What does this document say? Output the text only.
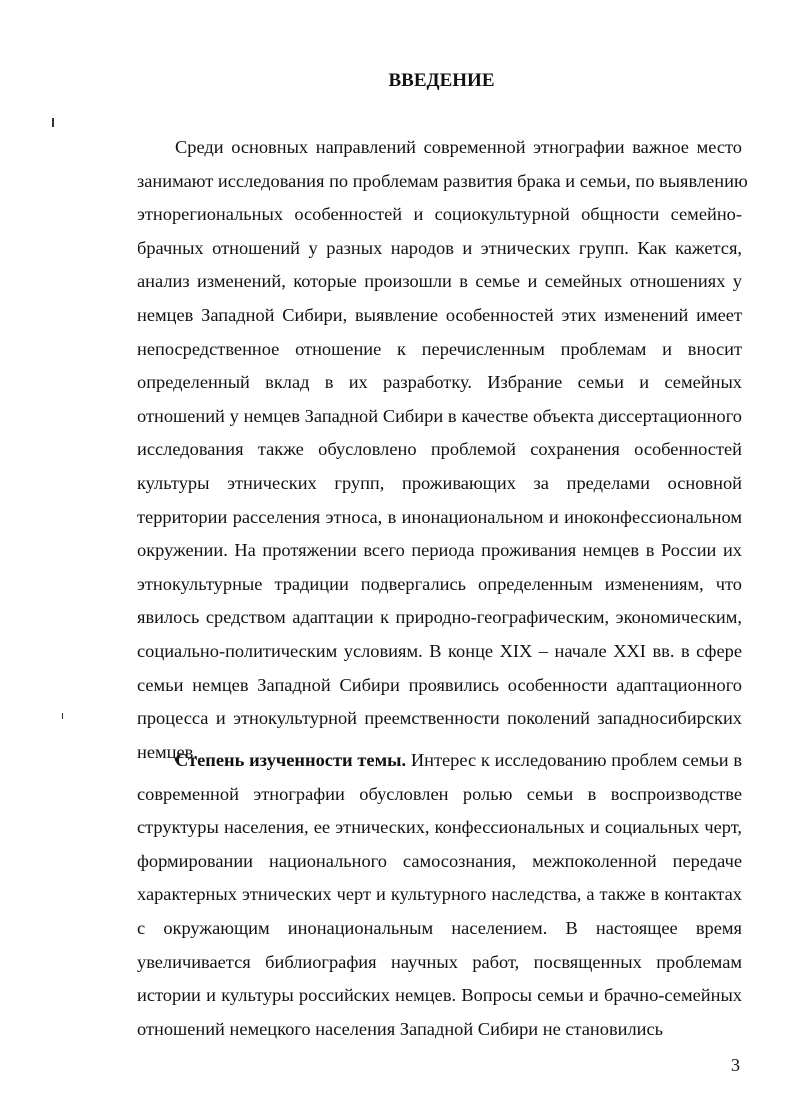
ВВЕДЕНИЕ
Среди основных направлений современной этнографии важное место
занимают исследования по проблемам развития брака и семьи, по выявлению
этнорегиональных особенностей и социокультурной общности семейно-
брачных отношений у разных народов и этнических групп. Как кажется,
анализ изменений, которые произошли в семье и семейных отношениях у
немцев Западной Сибири, выявление особенностей этих изменений имеет
непосредственное отношение к перечисленным проблемам и вносит
определенный вклад в их разработку. Избрание семьи и семейных
отношений у немцев Западной Сибири в качестве объекта диссертационного
исследования также обусловлено проблемой сохранения особенностей
культуры этнических групп, проживающих за пределами основной
территории расселения этноса, в инонациональном и иноконфессиональном
окружении. На протяжении всего периода проживания немцев в России их
этнокультурные традиции подвергались определенным изменениям, что
явилось средством адаптации к природно-географическим, экономическим,
социально-политическим условиям. В конце XIX – начале XXI вв. в сфере
семьи немцев Западной Сибири проявились особенности адаптационного
процесса и этнокультурной преемственности поколений западносибирских
немцев.
Степень изученности темы. Интерес к исследованию проблем семьи в
современной этнографии обусловлен ролью семьи в воспроизводстве
структуры населения, ее этнических, конфессиональных и социальных черт,
формировании национального самосознания, межпоколенной передаче
характерных этнических черт и культурного наследства, а также в контактах
с окружающим инонациональным населением. В настоящее время
увеличивается библиография научных работ, посвященных проблемам
истории и культуры российских немцев. Вопросы семьи и брачно-семейных
отношений немецкого населения Западной Сибири не становились
3
